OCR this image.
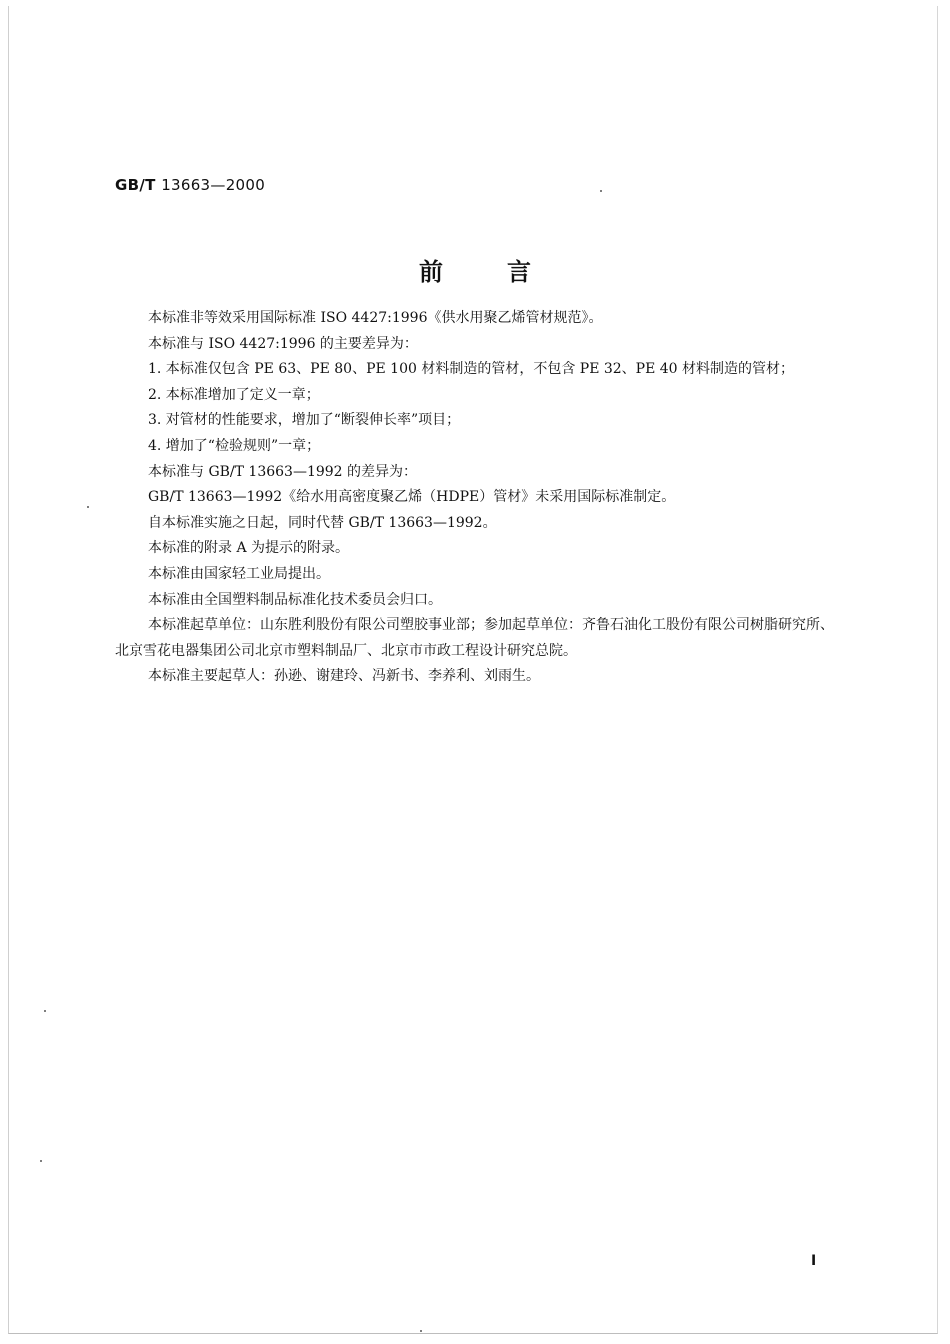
GB/T 13663—2000
前言

本标准非等效采用国际标准 ISO 4427:1996《供水用聚乙烯管材规范》。

本标准与 ISO 4427:1996 的主要差异为：

1. 本标准仅包含 PE 63、PE 80、PE 100 材料制造的管材，不包含 PE 32、PE 40 材料制造的管材；

2. 本标准增加了定义一章；

3. 对管材的性能要求，增加了“断裂伸长率”项目；

4. 增加了“检验规则”一章；

本标准与 GB/T 13663—1992 的差异为：

GB/T 13663—1992《给水用高密度聚乙烯（HDPE）管材》未采用国际标准制定。

自本标准实施之日起，同时代替 GB/T 13663—1992。

本标准的附录 A 为提示的附录。

本标准由国家轻工业局提出。

本标准由全国塑料制品标准化技术委员会归口。

本标准起草单位：山东胜利股份有限公司塑胶事业部；参加起草单位：齐鲁石油化工股份有限公司树脂研究所、北京雪花电器集团公司北京市塑料制品厂、北京市市政工程设计研究总院。

本标准主要起草人：孙逊、谢建玲、冯新书、李养利、刘雨生。

Ⅰ
